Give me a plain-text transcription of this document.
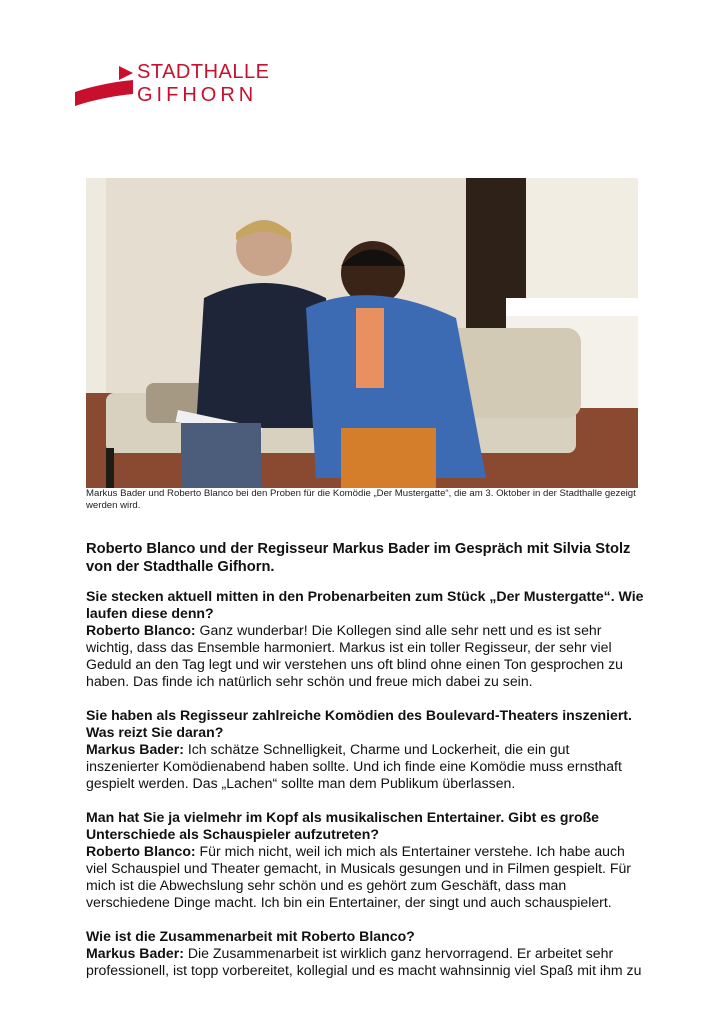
STADTHALLE
GIFHORN
Markus Bader und Roberto Blanco bei den Proben für die Komödie „Der Mustergatte“, die am 3. Oktober in der Stadthalle gezeigt werden wird.
Roberto Blanco und der Regisseur Markus Bader im Gespräch mit Silvia Stolz von der Stadthalle Gifhorn.
Sie stecken aktuell mitten in den Probenarbeiten zum Stück „Der Mustergatte“. Wie laufen diese denn?
Roberto Blanco: Ganz wunderbar! Die Kollegen sind alle sehr nett und es ist sehr wichtig, dass das Ensemble harmoniert. Markus ist ein toller Regisseur, der sehr viel Geduld an den Tag legt und wir verstehen uns oft blind ohne einen Ton gesprochen zu haben. Das finde ich natürlich sehr schön und freue mich dabei zu sein.
Sie haben als Regisseur zahlreiche Komödien des Boulevard-Theaters inszeniert. Was reizt Sie daran?
Markus Bader: Ich schätze Schnelligkeit, Charme und Lockerheit, die ein gut inszenierter Komödienabend haben sollte. Und ich finde eine Komödie muss ernsthaft gespielt werden. Das „Lachen“ sollte man dem Publikum überlassen.
Man hat Sie ja vielmehr im Kopf als musikalischen Entertainer. Gibt es große Unterschiede als Schauspieler aufzutreten?
Roberto Blanco: Für mich nicht, weil ich mich als Entertainer verstehe. Ich habe auch viel Schauspiel und Theater gemacht, in Musicals gesungen und in Filmen gespielt. Für mich ist die Abwechslung sehr schön und es gehört zum Geschäft, dass man verschiedene Dinge macht. Ich bin ein Entertainer, der singt und auch schauspielert.
Wie ist die Zusammenarbeit mit Roberto Blanco?
Markus Bader: Die Zusammenarbeit ist wirklich ganz hervorragend. Er arbeitet sehr professionell, ist topp vorbereitet, kollegial und es macht wahnsinnig viel Spaß mit ihm zu
